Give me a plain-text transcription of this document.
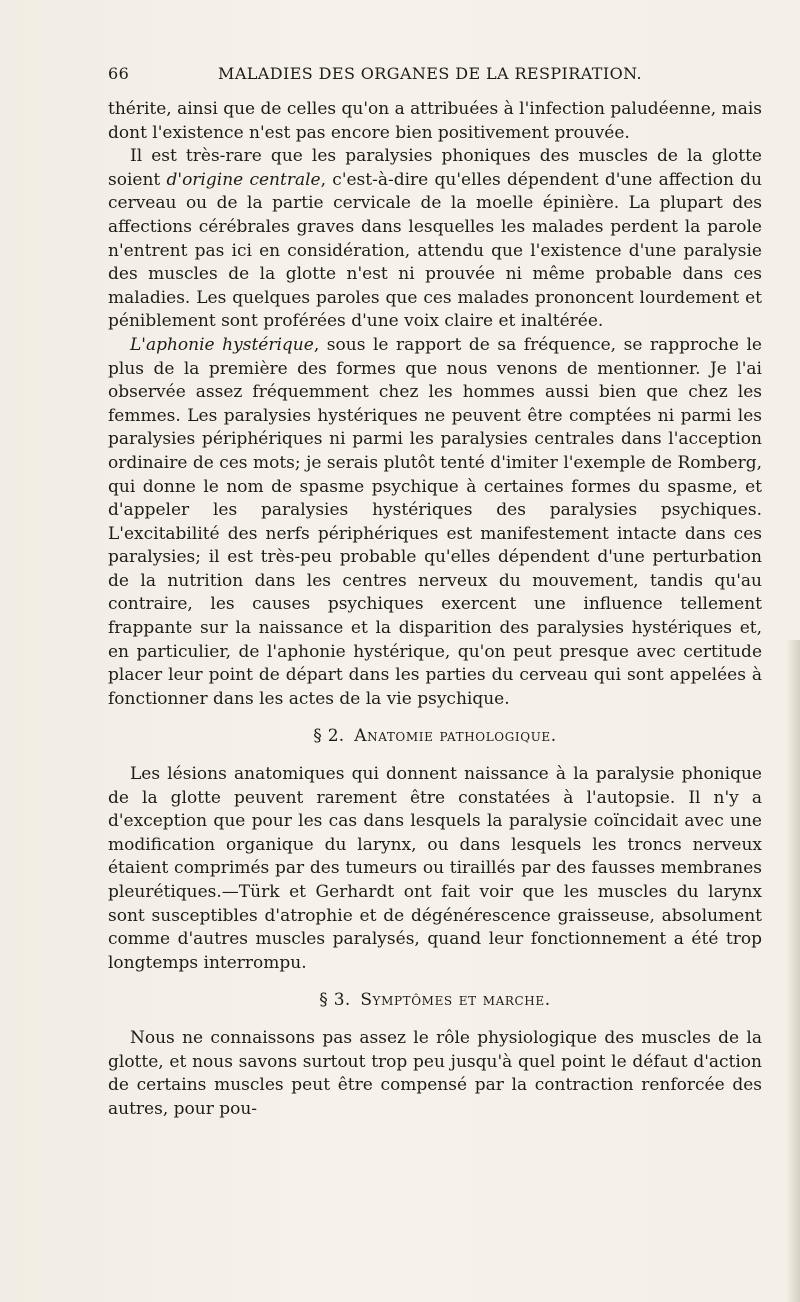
66	MALADIES DES ORGANES DE LA RESPIRATION.

thérite, ainsi que de celles qu'on a attribuées à l'infection paludéenne, mais dont l'existence n'est pas encore bien positivement prouvée.

Il est très-rare que les paralysies phoniques des muscles de la glotte soient d'origine centrale, c'est-à-dire qu'elles dépendent d'une affection du cerveau ou de la partie cervicale de la moelle épinière. La plupart des affections cérébrales graves dans lesquelles les malades perdent la parole n'entrent pas ici en considération, attendu que l'existence d'une paralysie des muscles de la glotte n'est ni prouvée ni même probable dans ces maladies. Les quelques paroles que ces malades prononcent lourdement et péniblement sont proférées d'une voix claire et inaltérée.

L'aphonie hystérique, sous le rapport de sa fréquence, se rapproche le plus de la première des formes que nous venons de mentionner. Je l'ai observée assez fréquemment chez les hommes aussi bien que chez les femmes. Les paralysies hystériques ne peuvent être comptées ni parmi les paralysies périphériques ni parmi les paralysies centrales dans l'acception ordinaire de ces mots; je serais plutôt tenté d'imiter l'exemple de Romberg, qui donne le nom de spasme psychique à certaines formes du spasme, et d'appeler les paralysies hystériques des paralysies psychiques. L'excitabilité des nerfs périphériques est manifestement intacte dans ces paralysies; il est très-peu probable qu'elles dépendent d'une perturbation de la nutrition dans les centres nerveux du mouvement, tandis qu'au contraire, les causes psychiques exercent une influence tellement frappante sur la naissance et la disparition des paralysies hystériques et, en particulier, de l'aphonie hystérique, qu'on peut presque avec certitude placer leur point de départ dans les parties du cerveau qui sont appelées à fonctionner dans les actes de la vie psychique.

§ 2. Anatomie pathologique.

Les lésions anatomiques qui donnent naissance à la paralysie phonique de la glotte peuvent rarement être constatées à l'autopsie. Il n'y a d'exception que pour les cas dans lesquels la paralysie coïncidait avec une modification organique du larynx, ou dans lesquels les troncs nerveux étaient comprimés par des tumeurs ou tiraillés par des fausses membranes pleurétiques.—Türk et Gerhardt ont fait voir que les muscles du larynx sont susceptibles d'atrophie et de dégénérescence graisseuse, absolument comme d'autres muscles paralysés, quand leur fonctionnement a été trop longtemps interrompu.

§ 3. Symptômes et marche.

Nous ne connaissons pas assez le rôle physiologique des muscles de la glotte, et nous savons surtout trop peu jusqu'à quel point le défaut d'action de certains muscles peut être compensé par la contraction renforcée des autres, pour pou-
